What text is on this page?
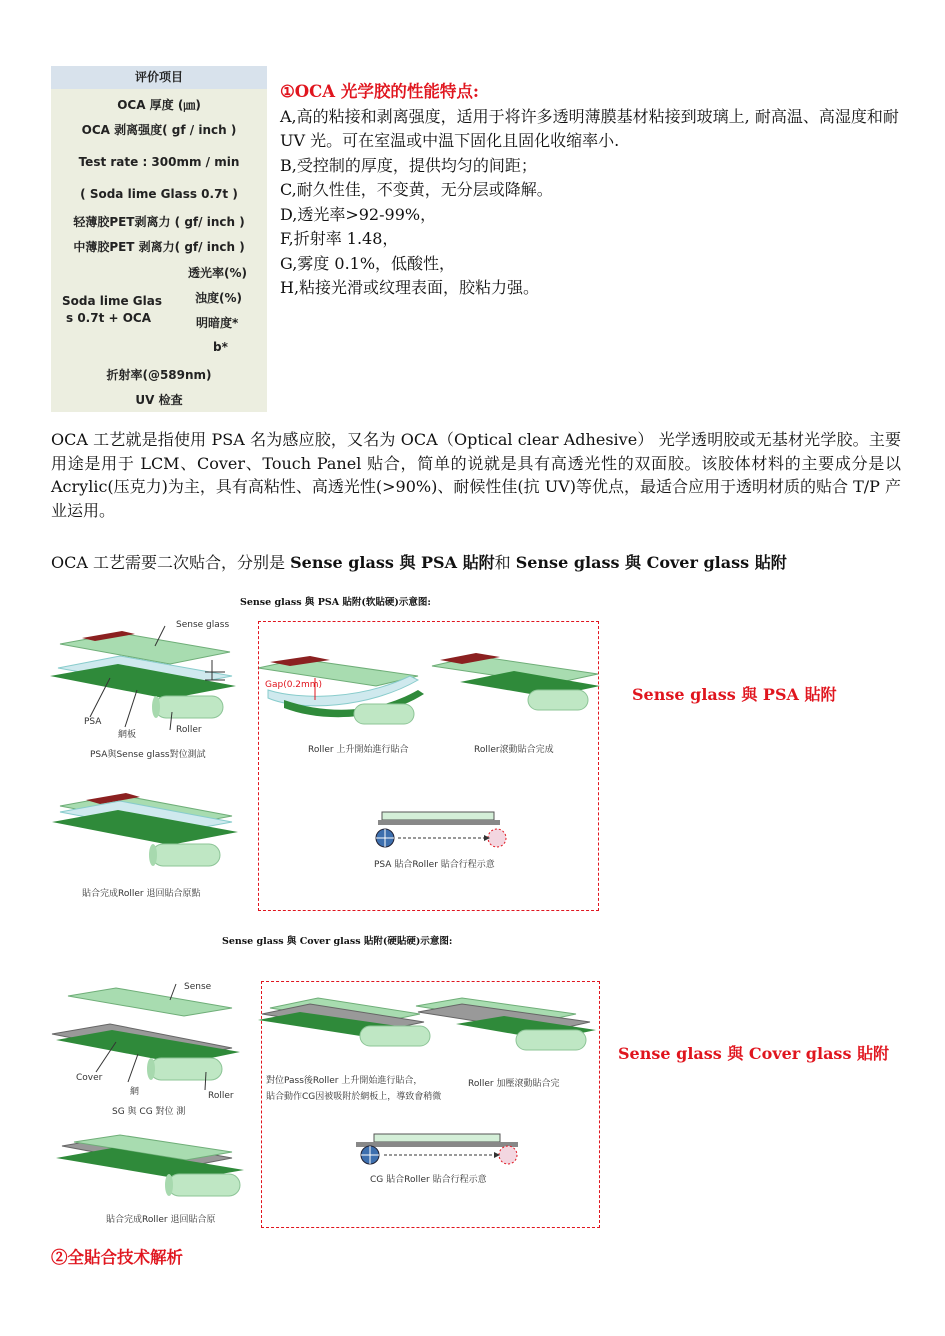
评价项目
OCA 厚度 (㎛)
OCA 剥离强度( gf / inch )
Test rate : 300mm / min
( Soda lime Glass 0.7t )
轻薄胶PET剥离力 ( gf/ inch )
中薄胶PET 剥离力( gf/ inch )
透光率(%)
Soda lime Glas
s 0.7t + OCA
浊度(%)
明暗度*
b*
折射率(@589nm)
UV 检查
①OCA 光学胶的性能特点:
A,高的粘接和剥离强度，适用于将许多透明薄膜基材粘接到玻璃上, 耐高温、高湿度和耐 UV 光。可在室温或中温下固化且固化收缩率小.
B,受控制的厚度，提供均匀的间距；
C,耐久性佳，不变黄，无分层或降解。
D,透光率>92-99%，
F,折射率 1.48，
G,雾度 0.1%，低酸性，
H,粘接光滑或纹理表面，胶粘力强。
OCA 工艺就是指使用 PSA 名为感应胶，又名为 OCA（Optical clear Adhesive） 光学透明胶或无基材光学胶。主要用途是用于 LCM、Cover、Touch Panel 贴合，简单的说就是具有高透光性的双面胶。该胶体材料的主要成分是以 Acrylic(压克力)为主，具有高粘性、高透光性(>90%)、耐候性佳(抗 UV)等优点，最适合应用于透明材质的贴合 T/P 产业运用。
OCA 工艺需要二次贴合，分别是 Sense glass 與 PSA 貼附和 Sense glass 與 Cover glass 貼附
Sense glass 與 PSA 貼附(软貼硬)示意图:
Sense glass
PSA
網板	Roller
PSA與Sense glass對位測試
貼合完成Roller 退回貼合原點
Gap(0.2mm)
Roller 上升開始進行貼合	Roller滾動貼合完成
PSA 貼合Roller 貼合行程示意
Sense glass 與 PSA 貼附
Sense glass 與 Cover glass 貼附(硬貼硬)示意图:
Sense
Cover
網	Roller
SG 與 CG 對位 測
貼合完成Roller 退回貼合原
對位Pass後Roller 上升開始進行貼合，
貼合動作CG因被吸附於網板上，導致會稍微
Roller 加壓滾動貼合完
CG 貼合Roller 貼合行程示意
Sense glass 與 Cover glass 貼附
②全貼合技术解析
